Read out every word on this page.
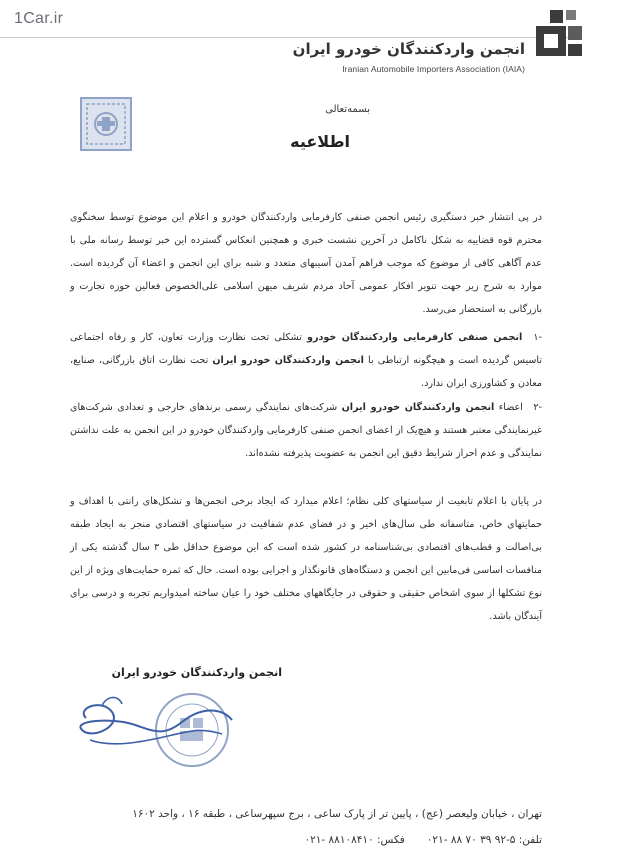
1Car.ir
انجمن واردکنندگان خودرو ایران
Iranian Automobile Importers Association (IAIA)
بسمه‌تعالی
اطلاعیه
در پی انتشار خبر دستگیری رئیس انجمن صنفی کارفرمایی واردکنندگان خودرو و اعلام این موضوع توسط سخنگوی محترم قوه قضاییه به شکل ناکامل در آخرین نشست خبری و همچنین انعکاس گسترده این خبر توسط رسانه ملی با عدم آگاهی کافی از موضوع که موجب فراهم آمدن آسیبهای متعدد و شبه برای این انجمن و اعضاء آن گردیده است. موارد به شرح زیر جهت تنویر افکار عمومی آحاد مردم شریف میهن اسلامی علی‌الخصوص فعالین حوزه تجارت و بازرگانی به استحضار می‌رسد.
-۱ انجمن صنفی کارفرمایی واردکنندگان خودرو تشکلی تحت نظارت وزارت تعاون، کار و رفاه اجتماعی تاسیس گردیده است و هیچگونه ارتباطی با انجمن واردکنندگان خودرو ایران تحت نظارت اتاق بازرگانی، صنایع، معادن و کشاورزی ایران ندارد.
-۲ اعضاء انجمن واردکنندگان خودرو ایران شرکت‌های نمایندگی رسمی برندهای خارجی و تعدادی شرکت‌های غیرنمایندگی معتبر هستند و هیچ‌یک از اعضای انجمن صنفی کارفرمایی واردکنندگان خودرو در این انجمن به علت نداشتن نمایندگی و عدم احراز شرایط دقیق این انجمن به عضویت پذیرفته نشده‌اند.
در پایان با اعلام تابعیت از سیاستهای کلی نظام؛ اعلام میدارد که ایجاد برخی انجمن‌ها و تشکل‌های رانتی با اهداف و حمایتهای خاص، متاسفانه طی سال‌های اخیر و در فضای عدم شفافیت در سیاستهای اقتصادی منجر به ایجاد طبقه بی‌اصالت و قطب‌های اقتصادی بی‌شناسنامه در کشور شده است که این موضوع حداقل طی ۳ سال گذشته یکی از منافسات اساسی فی‌مابین این انجمن و دستگاه‌های قانونگذار و اجرایی بوده است. حال که ثمره حمایت‌های ویژه از این نوع تشکلها از سوی اشخاص حقیقی و حقوقی در جایگاههای مختلف خود را عیان ساخته امیدواریم تجربه و درسی برای آیندگان باشد.
انجمن واردکنندگان خودرو ایران
تهران ، خیابان ولیعصر (عج) ، پایین تر از پارک ساعی ، برج سپهرساعی ، طبقه ۱۶ ، واحد ۱۶۰۲
تلفن: ۵-۹۲ ۳۹ ۷۰ ۸۸ -۰۲۱
فکس: ۸۸۱۰۸۴۱۰ -۰۲۱
